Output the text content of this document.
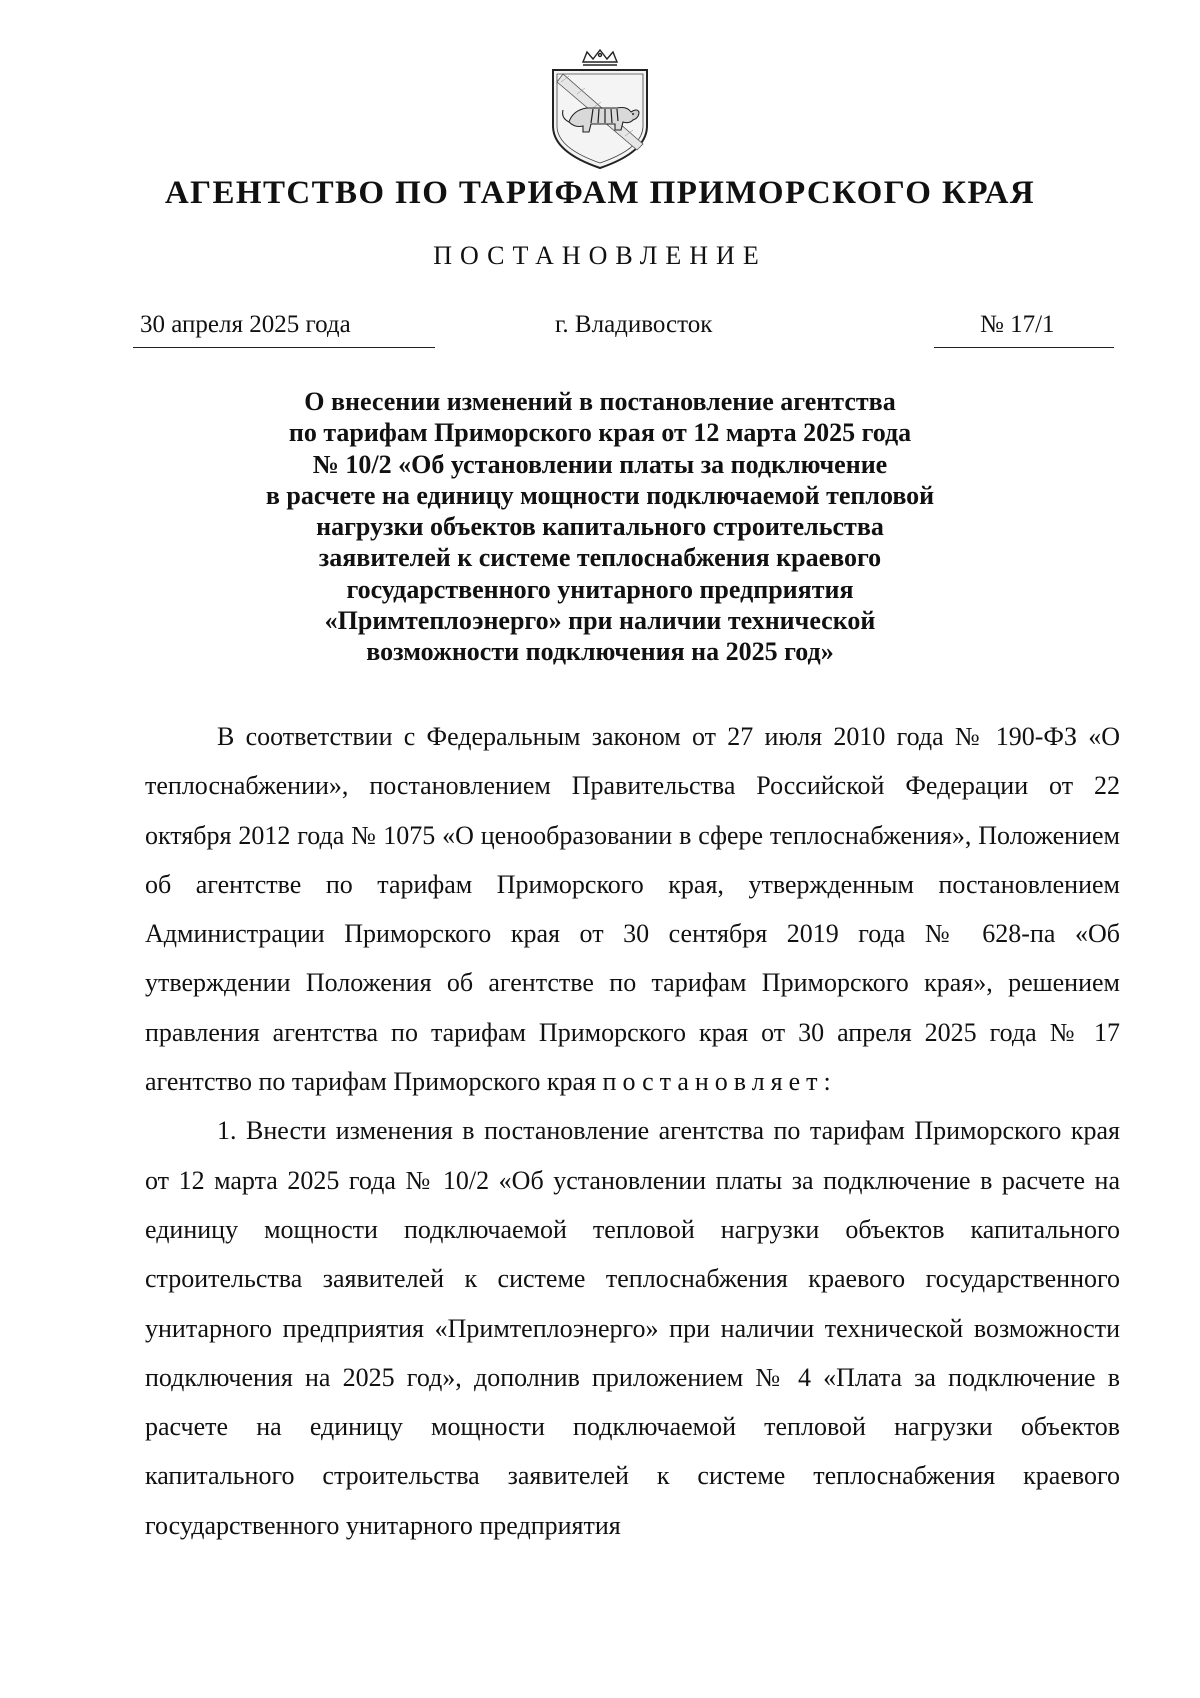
АГЕНТСТВО ПО ТАРИФАМ ПРИМОРСКОГО КРАЯ
ПОСТАНОВЛЕНИЕ
30 апреля 2025 года	г. Владивосток	№ 17/1
О внесении изменений в постановление агентства
по тарифам Приморского края от 12 марта 2025 года
№ 10/2 «Об установлении платы за подключение
в расчете на единицу мощности подключаемой тепловой
нагрузки объектов капитального строительства
заявителей к системе теплоснабжения краевого
государственного унитарного предприятия
«Примтеплоэнерго» при наличии технической
возможности подключения на 2025 год»

В соответствии с Федеральным законом от 27 июля 2010 года № 190-ФЗ «О теплоснабжении», постановлением Правительства Российской Федерации от 22 октября 2012 года № 1075 «О ценообразовании в сфере теплоснабжения», Положением об агентстве по тарифам Приморского края, утвержденным постановлением Администрации Приморского края от 30 сентября 2019 года № 628-па «Об утверждении Положения об агентстве по тарифам Приморского края», решением правления агентства по тарифам Приморского края от 30 апреля 2025 года № 17 агентство по тарифам Приморского края постановляет:

1. Внести изменения в постановление агентства по тарифам Приморского края от 12 марта 2025 года № 10/2 «Об установлении платы за подключение в расчете на единицу мощности подключаемой тепловой нагрузки объектов капитального строительства заявителей к системе теплоснабжения краевого государственного унитарного предприятия «Примтеплоэнерго» при наличии технической возможности подключения на 2025 год», дополнив приложением № 4 «Плата за подключение в расчете на единицу мощности подключаемой тепловой нагрузки объектов капитального строительства заявителей к системе теплоснабжения краевого государственного унитарного предприятия
